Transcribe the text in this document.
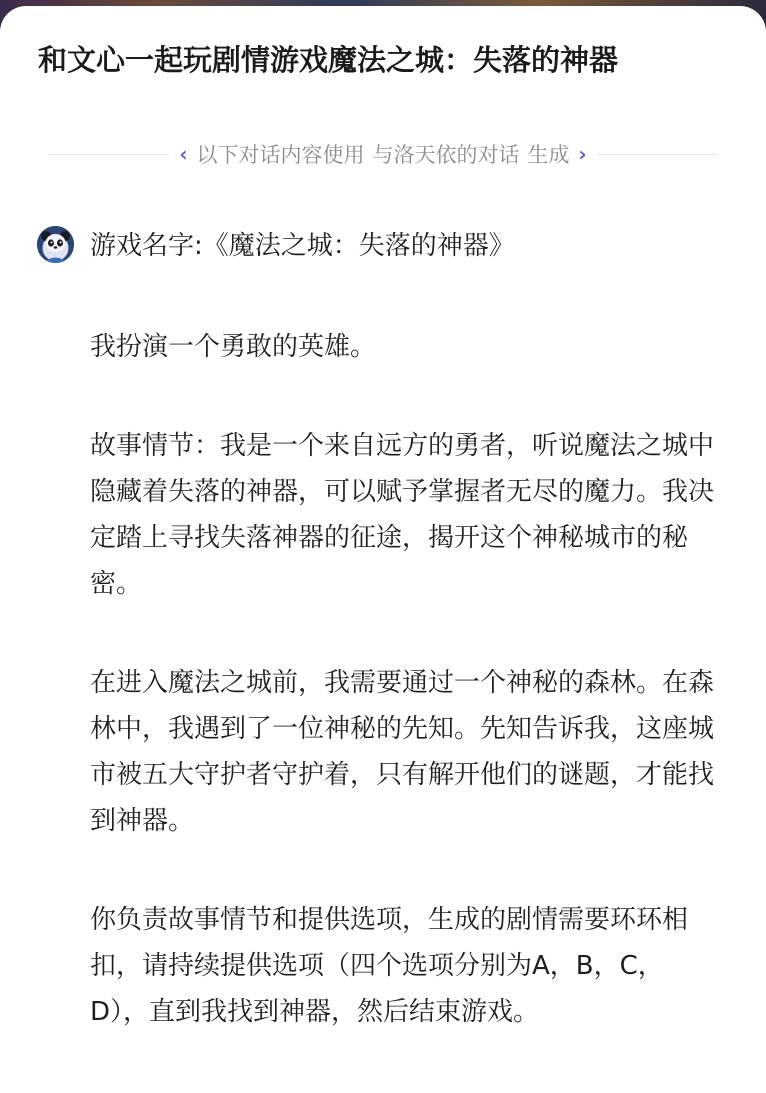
和文心一起玩剧情游戏魔法之城：失落的神器
‹ 以下对话内容使用 与洛天依的对话 生成 ›

游戏名字:《魔法之城：失落的神器》

我扮演一个勇敢的英雄。

故事情节：我是一个来自远方的勇者，听说魔法之城中隐藏着失落的神器，可以赋予掌握者无尽的魔力。我决定踏上寻找失落神器的征途，揭开这个神秘城市的秘密。

在进入魔法之城前，我需要通过一个神秘的森林。在森林中，我遇到了一位神秘的先知。先知告诉我，这座城市被五大守护者守护着，只有解开他们的谜题，才能找到神器。

你负责故事情节和提供选项，生成的剧情需要环环相扣，请持续提供选项（四个选项分别为A，B，C，D），直到我找到神器，然后结束游戏。
